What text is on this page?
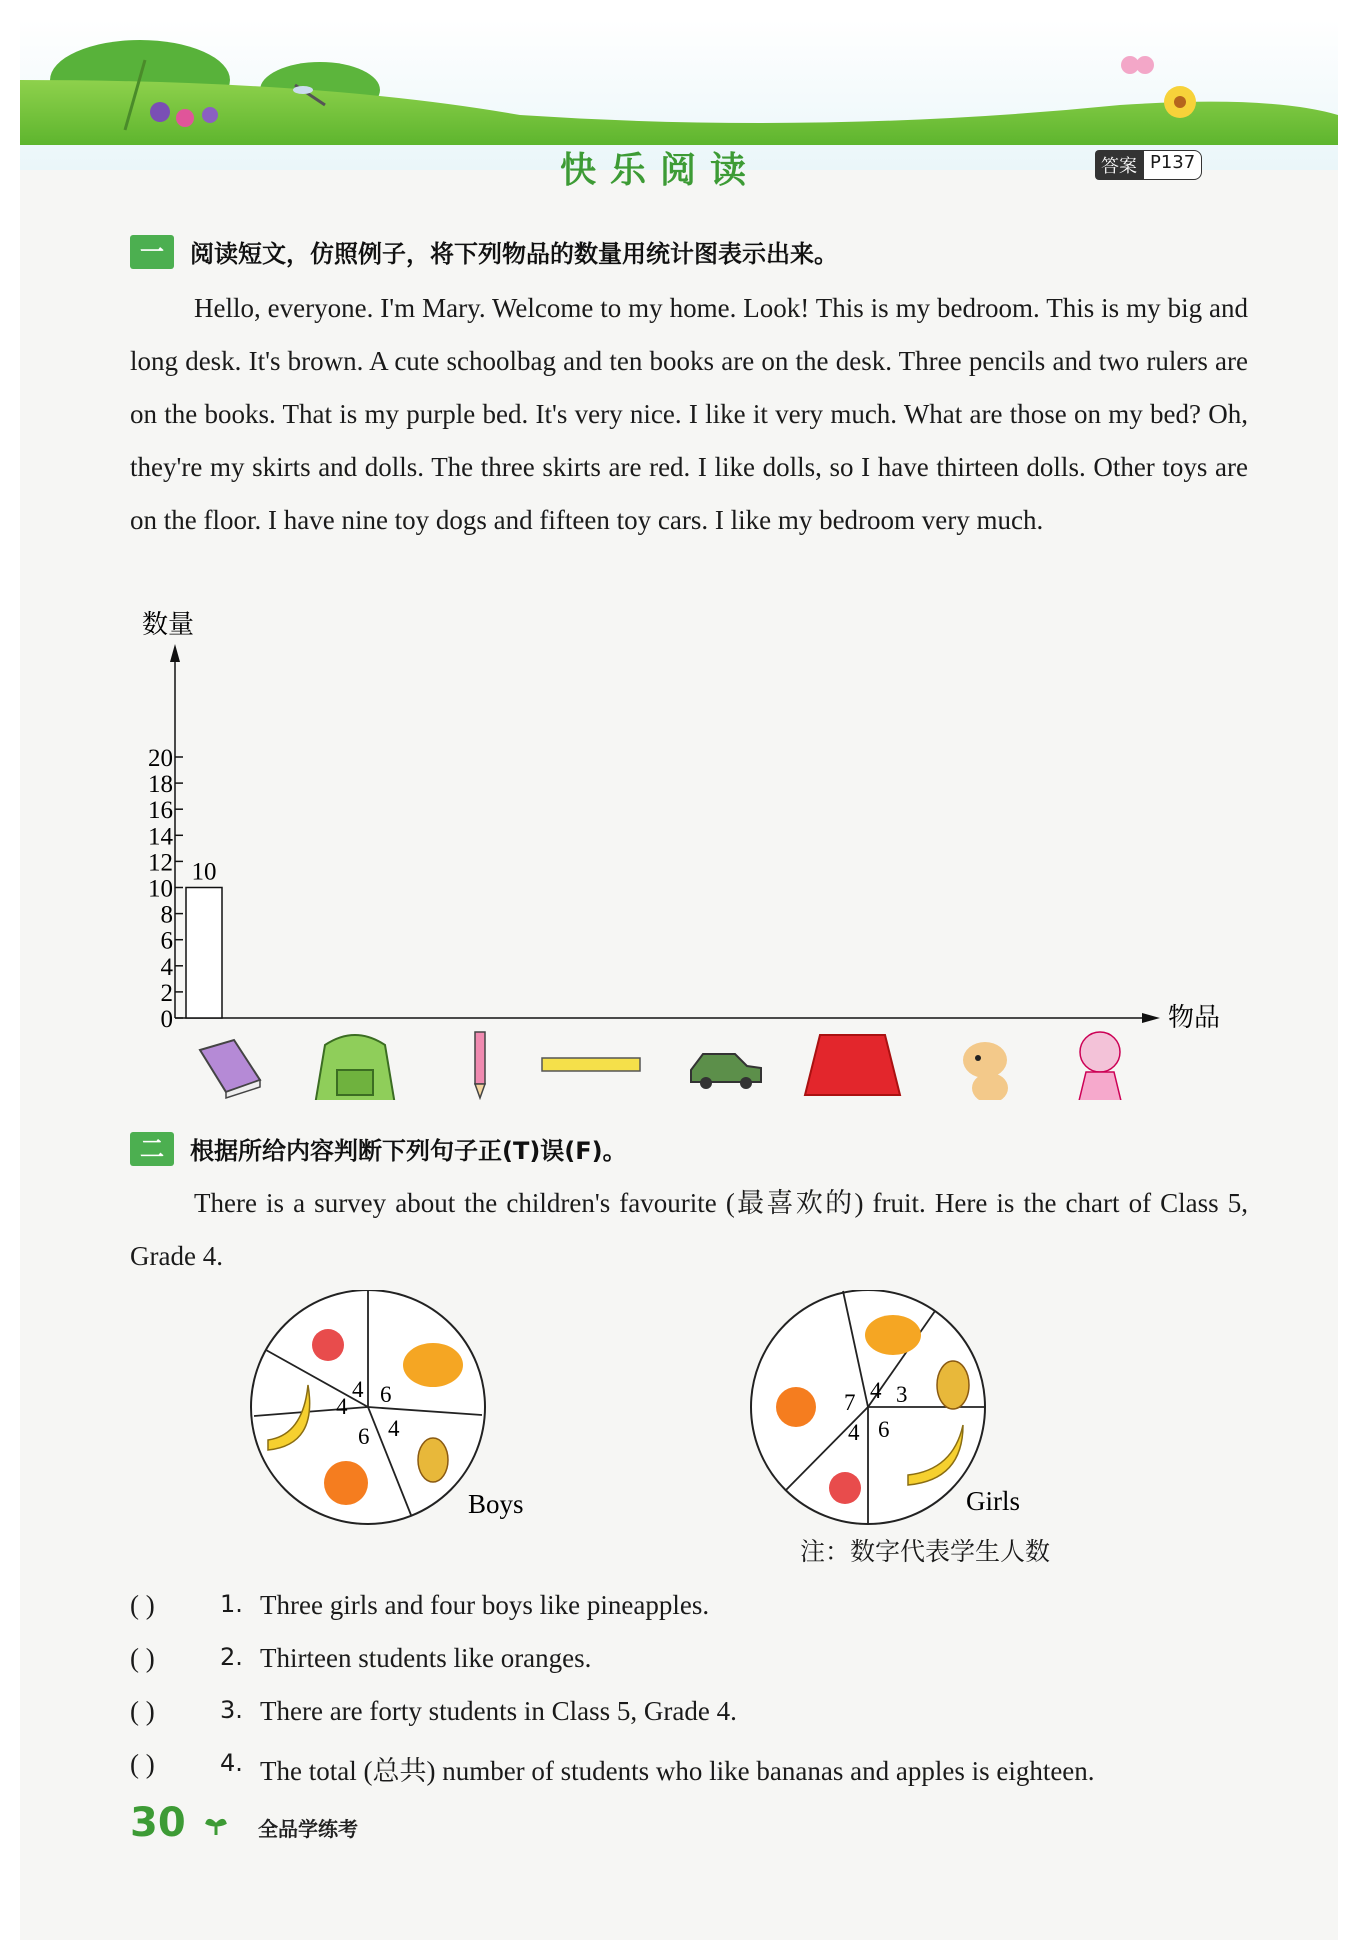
快乐阅读	答案 P137
一	阅读短文，仿照例子，将下列物品的数量用统计图表示出来。
Hello, everyone. I'm Mary. Welcome to my home. Look! This is my bedroom. This is my big and long desk. It's brown. A cute schoolbag and ten books are on the desk. Three pencils and two rulers are on the books. That is my purple bed. It's very nice. I like it very much. What are those on my bed? Oh, they're my skirts and dolls. The three skirts are red. I like dolls, so I have thirteen dolls. Other toys are on the floor. I have nine toy dogs and fifteen toy cars. I like my bedroom very much.
数量
物品
0
2
4
6
8
10
12
14
16
18
20
10
二	根据所给内容判断下列句子正(T)误(F)。
There is a survey about the children's favourite (最喜欢的) fruit. Here is the chart of Class 5, Grade 4.
4 6
4
6
4
Boys
4 3
6
4
7
Girls
注：数字代表学生人数
( )	1. Three girls and four boys like pineapples.
( )	2. Thirteen students like oranges.
( )	3. There are forty students in Class 5, Grade 4.
( )	4. The total (总共) number of students who like bananas and apples is eighteen.
30	全品学练考
